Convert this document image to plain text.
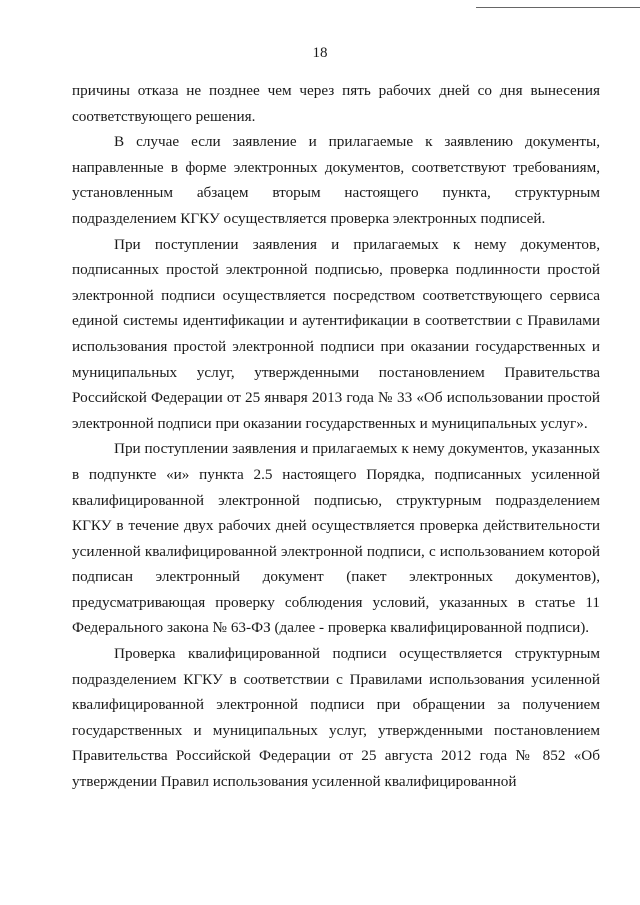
18

причины отказа не позднее чем через пять рабочих дней со дня вынесения соответствующего решения.

В случае если заявление и прилагаемые к заявлению документы, направленные в форме электронных документов, соответствуют требованиям, установленным абзацем вторым настоящего пункта, структурным подразделением КГКУ осуществляется проверка электронных подписей.

При поступлении заявления и прилагаемых к нему документов, подписанных простой электронной подписью, проверка подлинности простой электронной подписи осуществляется посредством соответствующего сервиса единой системы идентификации и аутентификации в соответствии с Правилами использования простой электронной подписи при оказании государственных и муниципальных услуг, утвержденными постановлением Правительства Российской Федерации от 25 января 2013 года № 33 «Об использовании простой электронной подписи при оказании государственных и муниципальных услуг».

При поступлении заявления и прилагаемых к нему документов, указанных в подпункте «и» пункта 2.5 настоящего Порядка, подписанных усиленной квалифицированной электронной подписью, структурным подразделением КГКУ в течение двух рабочих дней осуществляется проверка действительности усиленной квалифицированной электронной подписи, с использованием которой подписан электронный документ (пакет электронных документов), предусматривающая проверку соблюдения условий, указанных в статье 11 Федерального закона № 63-ФЗ (далее - проверка квалифицированной подписи).

Проверка квалифицированной подписи осуществляется структурным подразделением КГКУ в соответствии с Правилами использования усиленной квалифицированной электронной подписи при обращении за получением государственных и муниципальных услуг, утвержденными постановлением Правительства Российской Федерации от 25 августа 2012 года № 852 «Об утверждении Правил использования усиленной квалифицированной
